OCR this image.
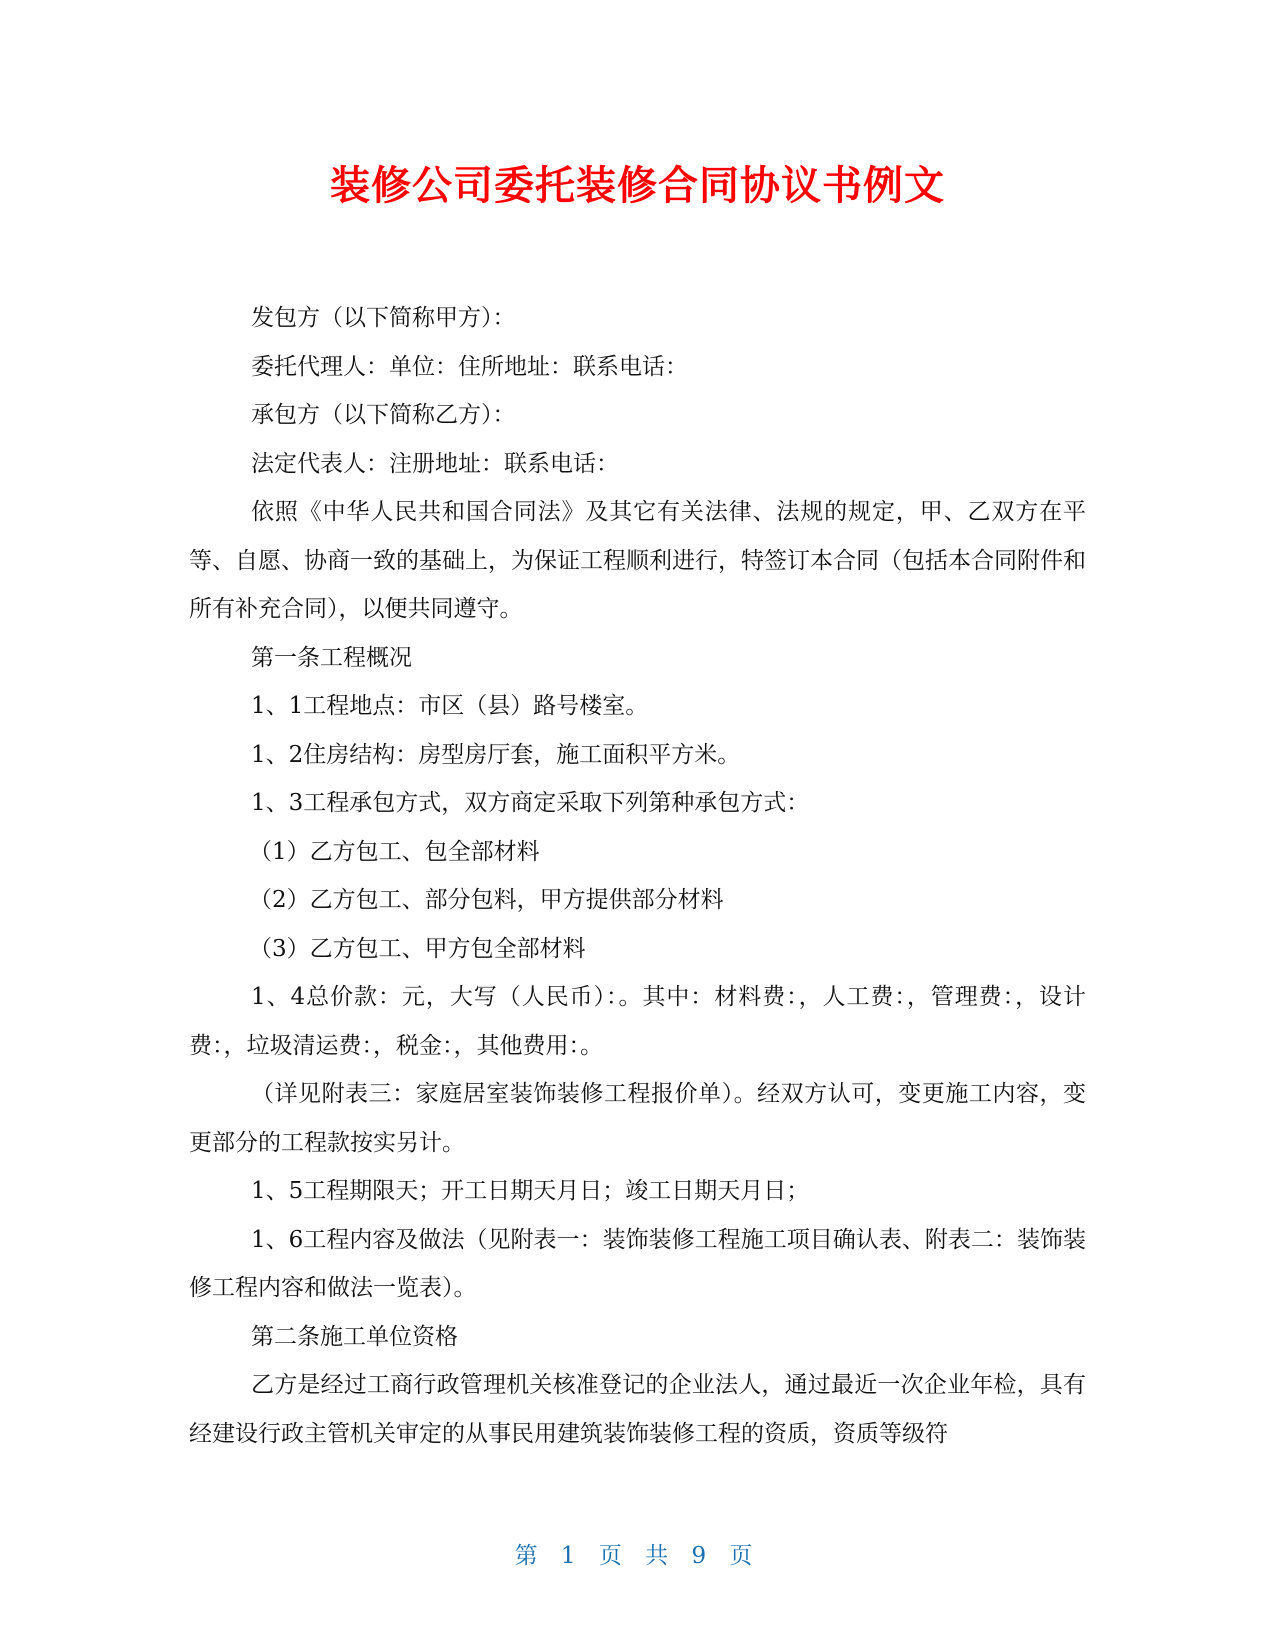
装修公司委托装修合同协议书例文

发包方（以下简称甲方）：

委托代理人：单位：住所地址：联系电话：

承包方（以下简称乙方）：

法定代表人：注册地址：联系电话：

依照《中华人民共和国合同法》及其它有关法律、法规的规定，甲、乙双方在平等、自愿、协商一致的基础上，为保证工程顺利进行，特签订本合同（包括本合同附件和所有补充合同），以便共同遵守。

第一条工程概况

1、1工程地点：市区（县）路号楼室。

1、2住房结构：房型房厅套，施工面积平方米。

1、3工程承包方式，双方商定采取下列第种承包方式：

（1）乙方包工、包全部材料

（2）乙方包工、部分包料，甲方提供部分材料

（3）乙方包工、甲方包全部材料

1、4总价款：元，大写（人民币）：。其中：材料费：，人工费：，管理费：，设计费：，垃圾清运费：，税金：，其他费用：。

（详见附表三：家庭居室装饰装修工程报价单）。经双方认可，变更施工内容，变更部分的工程款按实另计。

1、5工程期限天；开工日期天月日；竣工日期天月日；

1、6工程内容及做法（见附表一：装饰装修工程施工项目确认表、附表二：装饰装修工程内容和做法一览表）。

第二条施工单位资格

乙方是经过工商行政管理机关核准登记的企业法人，通过最近一次企业年检，具有经建设行政主管机关审定的从事民用建筑装饰装修工程的资质，资质等级符

第 1 页 共 9 页
